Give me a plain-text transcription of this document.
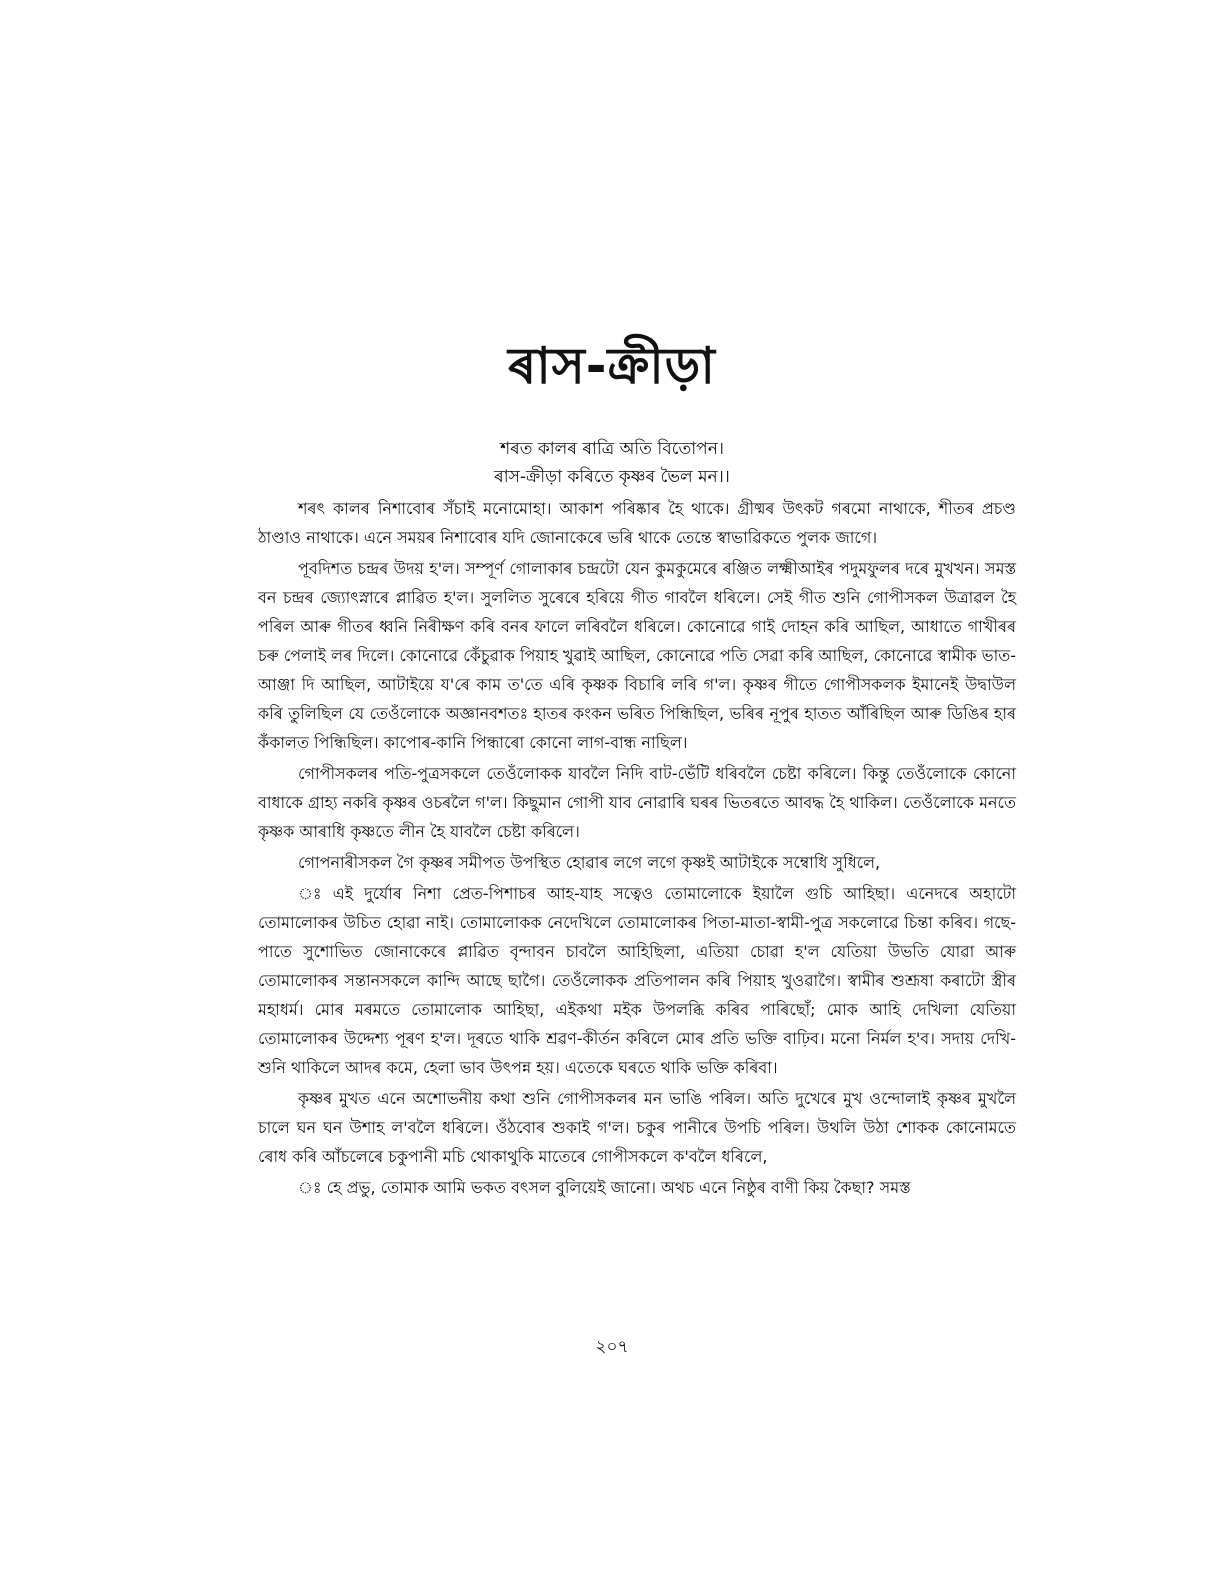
ৰাস-ক্ৰীড়া

শৰত কালৰ ৰাত্ৰি অতি বিতোপন।

ৰাস-ক্ৰীড়া কৰিতে কৃষ্ণৰ ভৈল মন।।

শৰৎ কালৰ নিশাবোৰ সঁচাই মনোমোহা। আকাশ পৰিষ্কাৰ হৈ থাকে। গ্ৰীষ্মৰ উৎকট গৰমো নাথাকে, শীতৰ প্ৰচণ্ড ঠাণ্ডাও নাথাকে। এনে সময়ৰ নিশাবোৰ যদি জোনাকেৰে ভৰি থাকে তেন্তে স্বাভাৱিকতে পুলক জাগে।

পূবদিশত চন্দ্ৰৰ উদয় হ'ল। সম্পূৰ্ণ গোলাকাৰ চন্দ্ৰটো যেন কুমকুমেৰে ৰঞ্জিত লক্ষ্মীআইৰ পদুমফুলৰ দৰে মুখখন। সমস্ত বন চন্দ্ৰৰ জ্যোৎস্নাৰে প্লাৱিত হ'ল। সুললিত সুৰেৰে হৰিয়ে গীত গাবলৈ ধৰিলে। সেই গীত শুনি গোপীসকল উত্ৰাৱল হৈ পৰিল আৰু গীতৰ ধ্বনি নিৰীক্ষণ কৰি বনৰ ফালে লৰিবলৈ ধৰিলে। কোনোৱে গাই দোহন কৰি আছিল, আধাতে গাখীৰৰ চৰু পেলাই লৰ দিলে। কোনোৱে কেঁচুৱাক পিয়াহ খুৱাই আছিল, কোনোৱে পতি সেৱা কৰি আছিল, কোনোৱে স্বামীক ভাত-আঞ্জা দি আছিল, আটাইয়ে য'ৰে কাম ত'তে এৰি কৃষ্ণক বিচাৰি লৰি গ'ল। কৃষ্ণৰ গীতে গোপীসকলক ইমানেই উদ্বাউল কৰি তুলিছিল যে তেওঁলোকে অজ্ঞানবশতঃ হাতৰ কংকন ভৰিত পিন্ধিছিল, ভৰিৰ নূপুৰ হাতত আঁৰিছিল আৰু ডিঙিৰ হাৰ কঁকালত পিন্ধিছিল। কাপোৰ-কানি পিন্ধাৰো কোনো লাগ-বান্ধ নাছিল।

গোপীসকলৰ পতি-পুত্ৰসকলে তেওঁলোকক যাবলৈ নিদি বাট-ভেঁটি ধৰিবলৈ চেষ্টা কৰিলে। কিন্তু তেওঁলোকে কোনো বাধাকে গ্ৰাহ্য নকৰি কৃষ্ণৰ ওচৰলৈ গ'ল। কিছুমান গোপী যাব নোৱাৰি ঘৰৰ ভিতৰতে আবদ্ধ হৈ থাকিল। তেওঁলোকে মনতে কৃষ্ণক আৰাধি কৃষ্ণতে লীন হৈ যাবলৈ চেষ্টা কৰিলে।

গোপনাৰীসকল গৈ কৃষ্ণৰ সমীপত উপস্থিত হোৱাৰ লগে লগে কৃষ্ণই আটাইকে সম্বোধি সুধিলে,

ঃ এই দুৰ্যোৰ নিশা প্ৰেত-পিশাচৰ আহ-যাহ সত্বেও তোমালোকে ইয়ালৈ গুচি আহিছা। এনেদৰে অহাটো তোমালোকৰ উচিত হোৱা নাই। তোমালোকক নেদেখিলে তোমালোকৰ পিতা-মাতা-স্বামী-পুত্ৰ সকলোৱে চিন্তা কৰিব। গছে-পাতে সুশোভিত জোনাকেৰে প্লাৱিত বৃন্দাবন চাবলৈ আহিছিলা, এতিয়া চোৱা হ'ল যেতিয়া উভতি যোৱা আৰু তোমালোকৰ সন্তানসকলে কান্দি আছে ছাগৈ। তেওঁলোকক প্ৰতিপালন কৰি পিয়াহ খুওৱাগৈ। স্বামীৰ শুশ্ৰূষা কৰাটো স্ত্ৰীৰ মহাধৰ্ম। মোৰ মৰমতে তোমালোক আহিছা, এইকথা মইক উপলব্ধি কৰিব পাৰিছোঁ; মোক আহি দেখিলা যেতিয়া তোমালোকৰ উদ্দেশ্য পূৰণ হ'ল। দূৰতে থাকি শ্ৰৱণ-কীৰ্তন কৰিলে মোৰ প্ৰতি ভক্তি বাঢ়িব। মনো নিৰ্মল হ'ব। সদায় দেখি-শুনি থাকিলে আদৰ কমে, হেলা ভাব উৎপন্ন হয়। এতেকে ঘৰতে থাকি ভক্তি কৰিবা।

কৃষ্ণৰ মুখত এনে অশোভনীয় কথা শুনি গোপীসকলৰ মন ভাঙি পৰিল। অতি দুখেৰে মুখ ওন্দোলাই কৃষ্ণৰ মুখলৈ চালে ঘন ঘন উশাহ ল'বলৈ ধৰিলে। ওঁঠবোৰ শুকাই গ'ল। চকুৰ পানীৰে উপচি পৰিল। উথলি উঠা শোকক কোনোমতে ৰোধ কৰি আঁচলেৰে চকুপানী মচি থোকাথুকি মাতেৰে গোপীসকলে ক'বলৈ ধৰিলে,

ঃ হে প্ৰভু, তোমাক আমি ভকত বৎসল বুলিয়েই জানো। অথচ এনে নিষ্ঠুৰ বাণী কিয় কৈছা? সমস্ত

২০৭
